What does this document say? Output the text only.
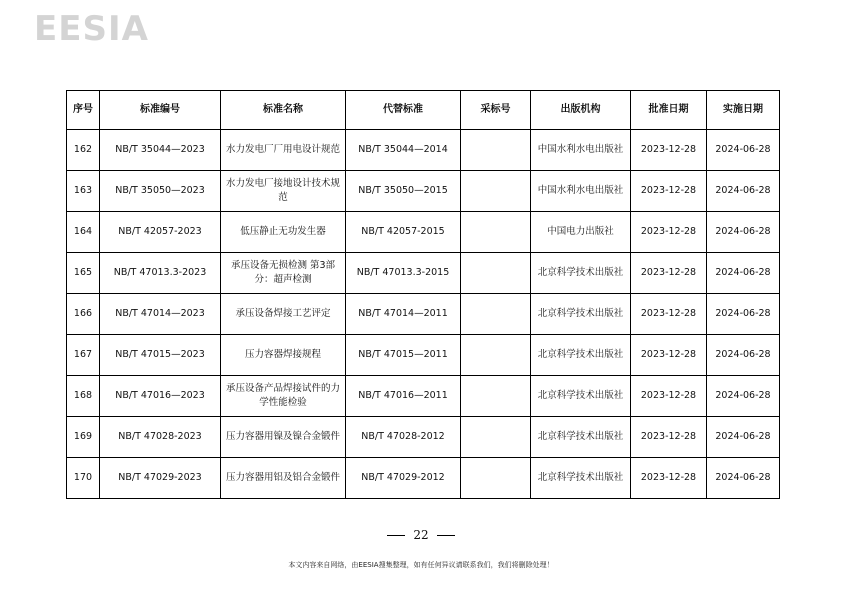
EESIA
序号	标准编号	标准名称	代替标准	采标号	出版机构	批准日期	实施日期
162	NB/T 35044—2023	水力发电厂厂用电设计规范	NB/T 35044—2014		中国水利水电出版社	2023-12-28	2024-06-28
163	NB/T 35050—2023	水力发电厂接地设计技术规范	NB/T 35050—2015		中国水利水电出版社	2023-12-28	2024-06-28
164	NB/T 42057-2023	低压静止无功发生器	NB/T 42057-2015		中国电力出版社	2023-12-28	2024-06-28
165	NB/T 47013.3-2023	承压设备无损检测 第3部分：超声检测	NB/T 47013.3-2015		北京科学技术出版社	2023-12-28	2024-06-28
166	NB/T 47014—2023	承压设备焊接工艺评定	NB/T 47014—2011		北京科学技术出版社	2023-12-28	2024-06-28
167	NB/T 47015—2023	压力容器焊接规程	NB/T 47015—2011		北京科学技术出版社	2023-12-28	2024-06-28
168	NB/T 47016—2023	承压设备产品焊接试件的力学性能检验	NB/T 47016—2011		北京科学技术出版社	2023-12-28	2024-06-28
169	NB/T 47028-2023	压力容器用镍及镍合金锻件	NB/T 47028-2012		北京科学技术出版社	2023-12-28	2024-06-28
170	NB/T 47029-2023	压力容器用铝及铝合金锻件	NB/T 47029-2012		北京科学技术出版社	2023-12-28	2024-06-28
22
本文内容来自网络，由EESIA搜集整理，如有任何异议请联系我们，我们将删除处理！
